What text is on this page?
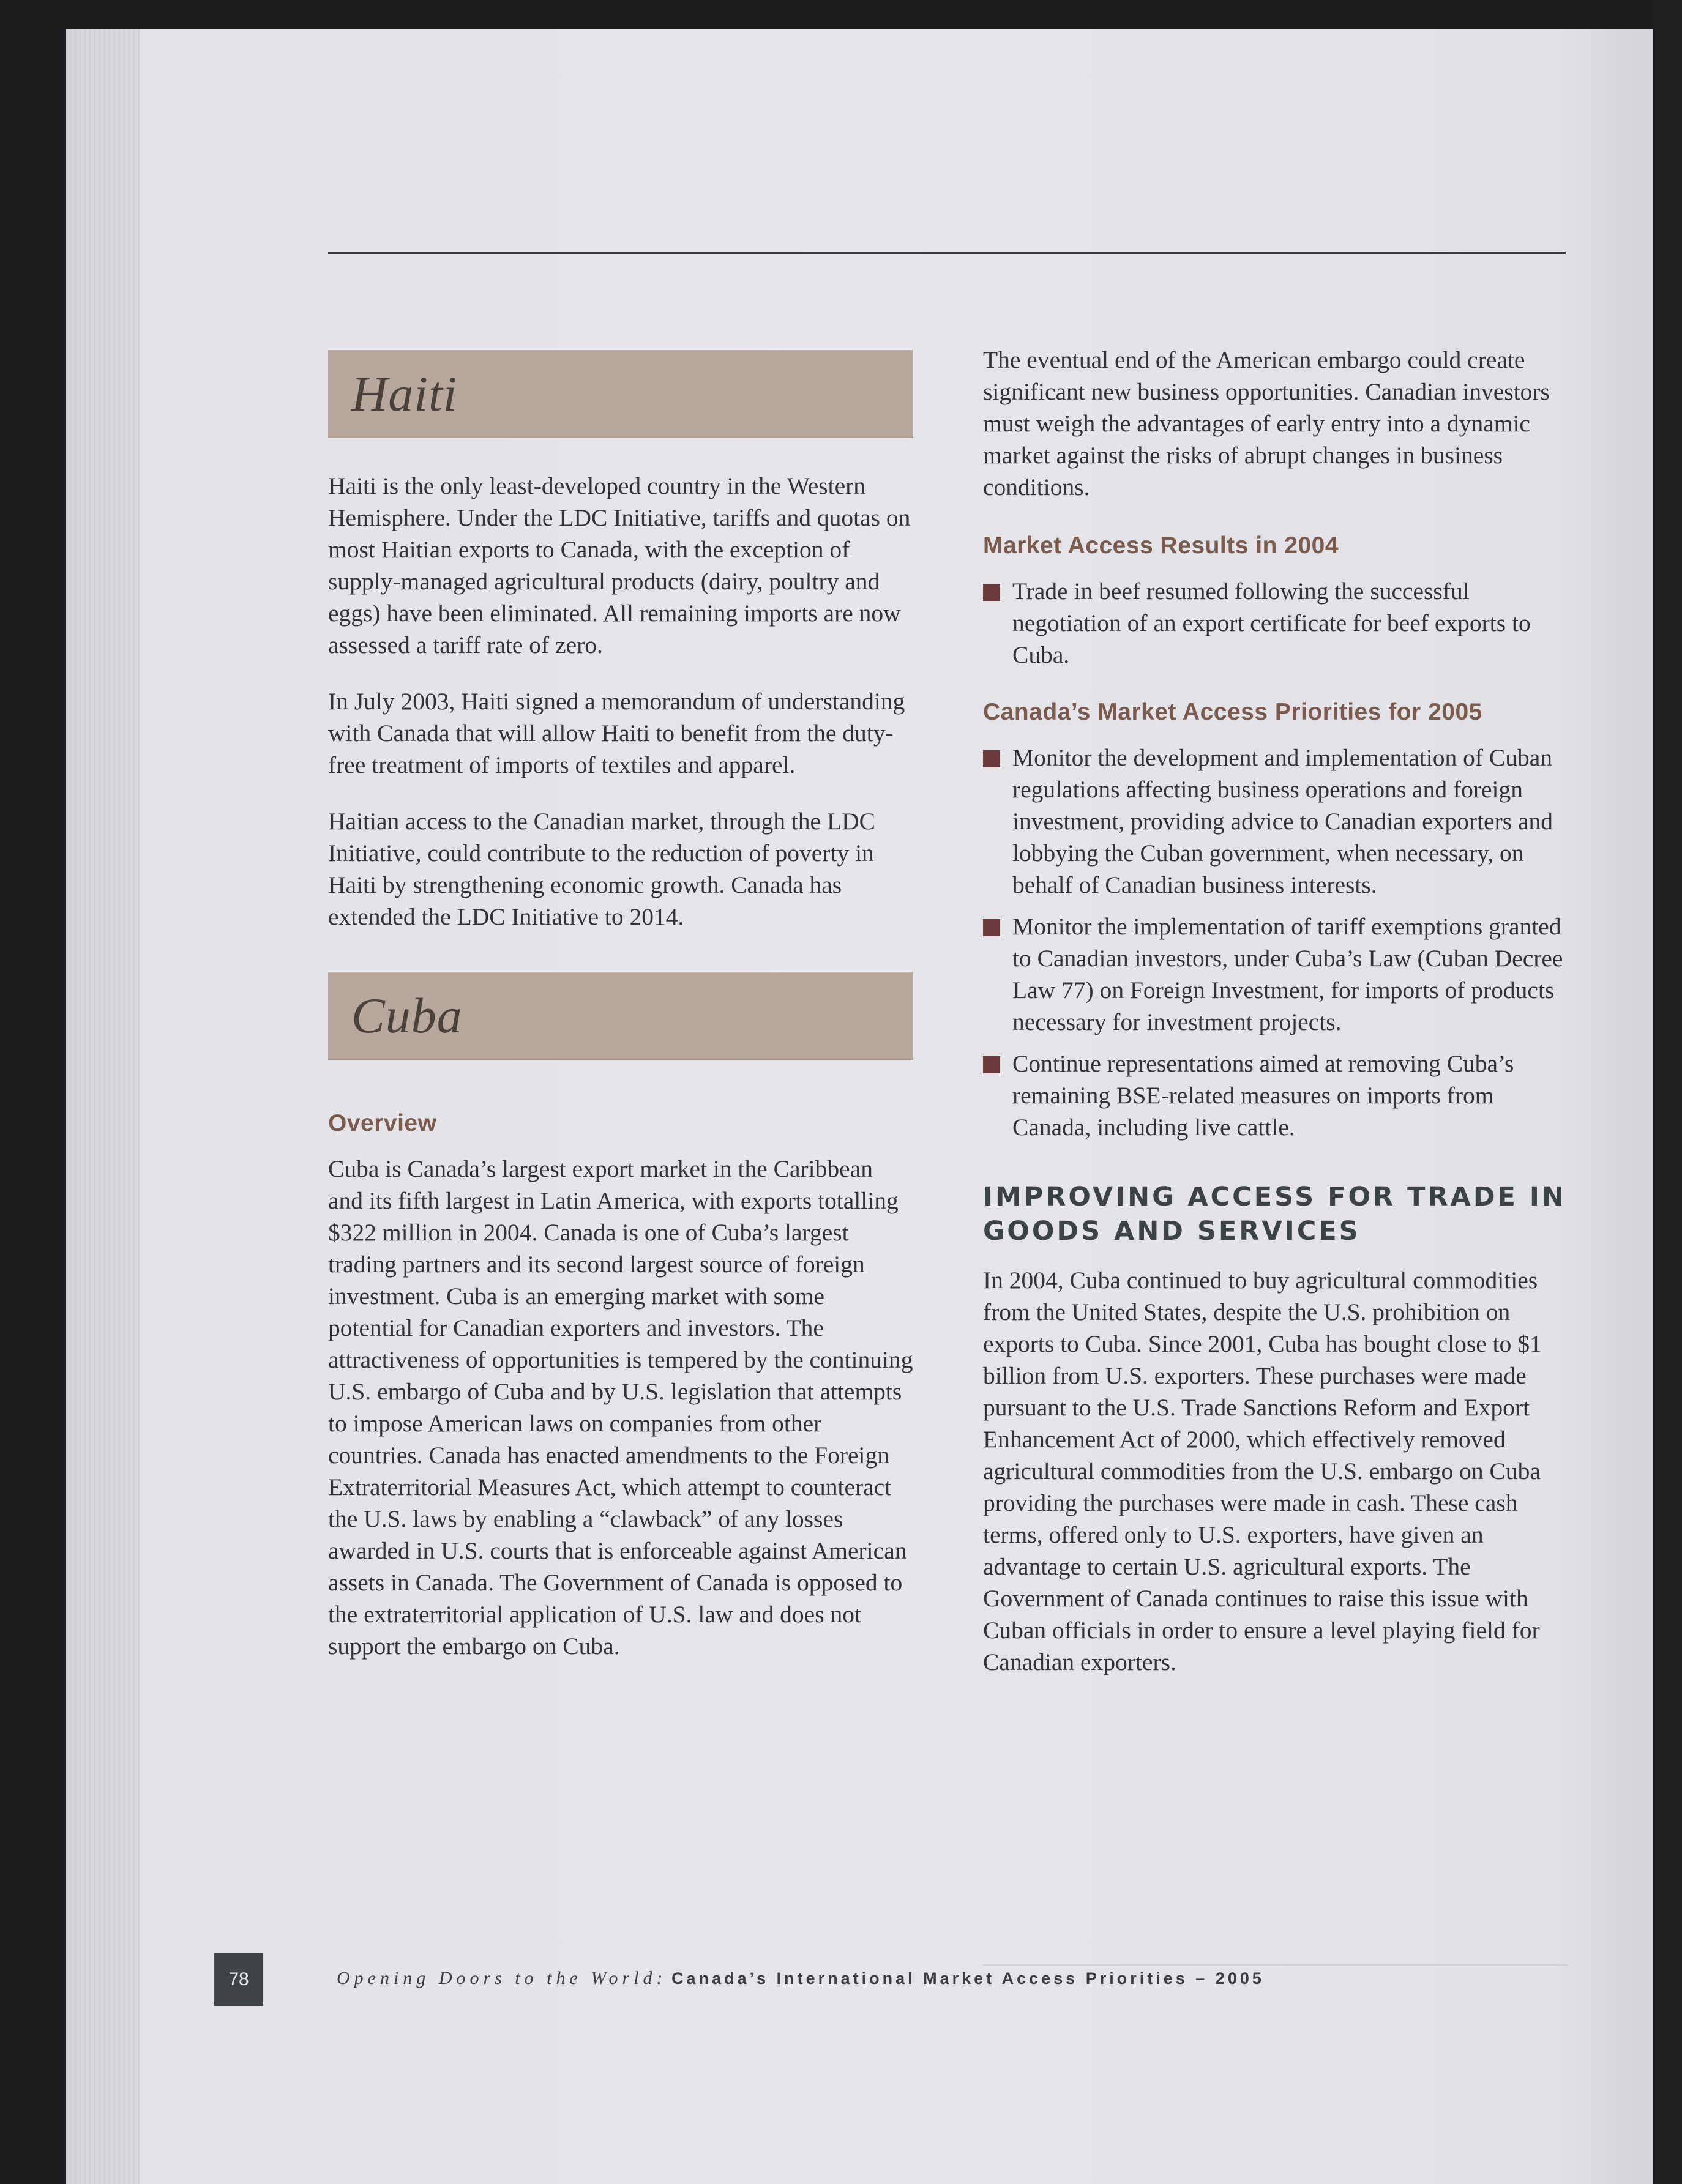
Haiti

Haiti is the only least-developed country in the Western Hemisphere. Under the LDC Initiative, tariffs and quotas on most Haitian exports to Canada, with the exception of supply-managed agricultural products (dairy, poultry and eggs) have been eliminated. All remaining imports are now assessed a tariff rate of zero.

In July 2003, Haiti signed a memorandum of understanding with Canada that will allow Haiti to benefit from the duty-free treatment of imports of textiles and apparel.

Haitian access to the Canadian market, through the LDC Initiative, could contribute to the reduction of poverty in Haiti by strengthening economic growth. Canada has extended the LDC Initiative to 2014.

Cuba
Overview

Cuba is Canada’s largest export market in the Caribbean and its fifth largest in Latin America, with exports totalling $322 million in 2004. Canada is one of Cuba’s largest trading partners and its second largest source of foreign investment. Cuba is an emerging market with some potential for Canadian exporters and investors. The attractiveness of opportunities is tempered by the continuing U.S. embargo of Cuba and by U.S. legislation that attempts to impose American laws on companies from other countries. Canada has enacted amendments to the Foreign Extraterritorial Measures Act, which attempt to counteract the U.S. laws by enabling a “clawback” of any losses awarded in U.S. courts that is enforceable against American assets in Canada. The Government of Canada is opposed to the extraterritorial application of U.S. law and does not support the embargo on Cuba.

The eventual end of the American embargo could create significant new business opportunities. Canadian investors must weigh the advantages of early entry into a dynamic market against the risks of abrupt changes in business conditions.

Market Access Results in 2004
Trade in beef resumed following the successful negotiation of an export certificate for beef exports to Cuba.
Canada’s Market Access Priorities for 2005
Monitor the development and implementation of Cuban regulations affecting business operations and foreign investment, providing advice to Canadian exporters and lobbying the Cuban government, when necessary, on behalf of Canadian business interests.
Monitor the implementation of tariff exemptions granted to Canadian investors, under Cuba’s Law (Cuban Decree Law 77) on Foreign Investment, for imports of products necessary for investment projects.
Continue representations aimed at removing Cuba’s remaining BSE-related measures on imports from Canada, including live cattle.
IMPROVING ACCESS FOR TRADE IN GOODS AND SERVICES

In 2004, Cuba continued to buy agricultural commodities from the United States, despite the U.S. prohibition on exports to Cuba. Since 2001, Cuba has bought close to $1 billion from U.S. exporters. These purchases were made pursuant to the U.S. Trade Sanctions Reform and Export Enhancement Act of 2000, which effectively removed agricultural commodities from the U.S. embargo on Cuba providing the purchases were made in cash. These cash terms, offered only to U.S. exporters, have given an advantage to certain U.S. agricultural exports. The Government of Canada continues to raise this issue with Cuban officials in order to ensure a level playing field for Canadian exporters.

78	Opening Doors to the World: Canada’s International Market Access Priorities – 2005
